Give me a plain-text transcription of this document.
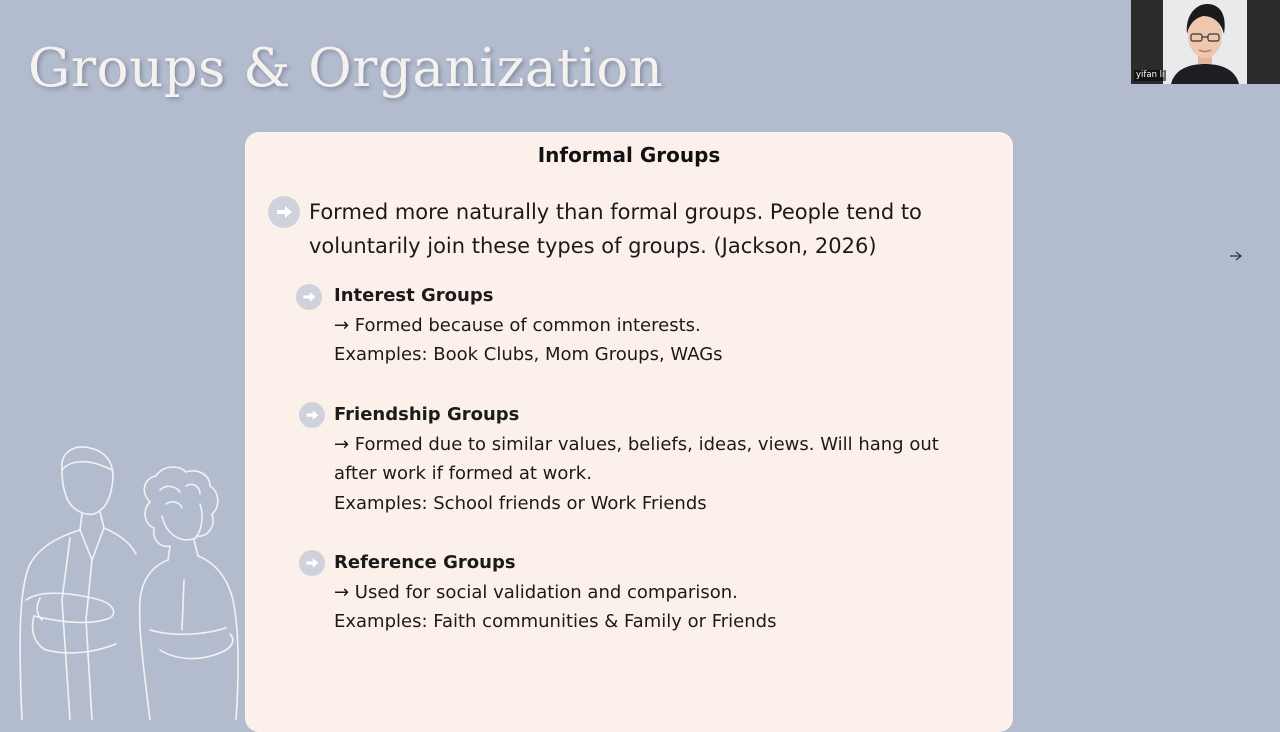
Groups & Organization
Informal Groups

Formed more naturally than formal groups. People tend to voluntarily join these types of groups. (Jackson, 2026)

Interest Groups
→ Formed because of common interests.
Examples: Book Clubs, Mom Groups, WAGs
Friendship Groups
→ Formed due to similar values, beliefs, ideas, views. Will hang out after work if formed at work.
Examples: School friends or Work Friends
Reference Groups
→ Used for social validation and comparison.
Examples: Faith communities & Family or Friends
yifan li
